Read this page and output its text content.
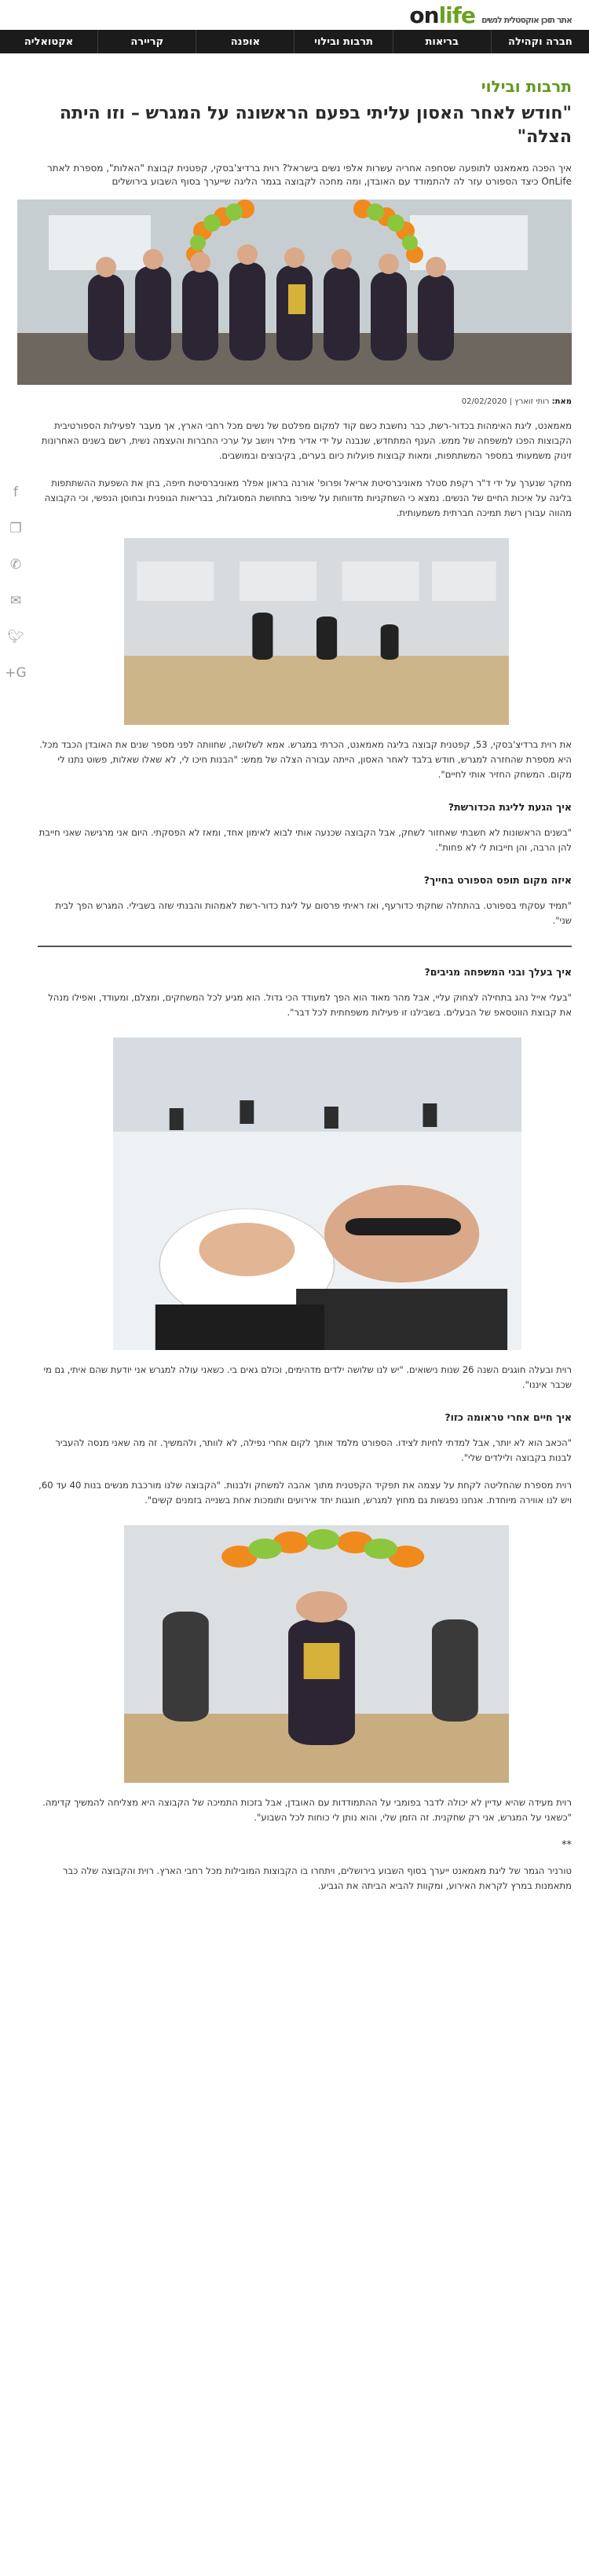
on life אתר תוכן אוקסטלית לנשים
חברה וקהילה
בריאות
תרבות ובילוי
אופנה
קריירה
אקטואליה
תרבות ובילוי
"חודש לאחר האסון עליתי בפעם הראשונה על המגרש – וזו היתה הצלה"

איך הפכה מאמאנט לתופעה שסחפה אחריה עשרות אלפי נשים בישראל? רוית ברדיצ'בסקי, קפטנית קבוצת "האלות", מספרת לאתר OnLife כיצד הספורט עזר לה להתמודד עם האובדן, ומה מחכה לקבוצה בגמר הליגה שייערך בסוף השבוע בירושלים

מאת: רותי זוארץ | 02/02/2020
f
❐
✆
✉
🐦︎
G+

מאמאנט, ליגת האימהות בכדור-רשת, כבר נחשבת כשם קוד למקום מפלטם של נשים מכל רחבי הארץ, אך מעבר לפעילות הספורטיבית הקבוצות הפכו למשפחה של ממש. הענף המתחדש, שנבנה על ידי אדיר מילר ויושב על ערכי החברות והעצמה נשית, רשם בשנים האחרונות זינוק משמעותי במספר המשתתפות, ומאות קבוצות פועלות כיום בערים, בקיבוצים ובמושבים.

מחקר שנערך על ידי ד"ר רקפת סטלר מאוניברסיטת אריאל ופרופ' אורנה בראון אפלר מאוניברסיטת חיפה, בחן את השפעת ההשתתפות בליגה על איכות החיים של הנשים. נמצא כי השחקניות מדווחות על שיפור בתחושת המסוגלות, בבריאות הגופנית ובחוסן הנפשי, וכי הקבוצה מהווה עבורן רשת תמיכה חברתית משמעותית.

את רוית ברדיצ'בסקי, 53, קפטנית קבוצה בליגה מאמאנט, הכרתי במגרש. אמא לשלושה, שחוותה לפני מספר שנים את האובדן הכבד מכל. היא מספרת שהחזרה למגרש, חודש בלבד לאחר האסון, הייתה עבורה הצלה של ממש: "הבנות חיכו לי, לא שאלו שאלות, פשוט נתנו לי מקום. המשחק החזיר אותי לחיים".

איך הגעת לליגת הכדורשת?

"בשנים הראשונות לא חשבתי שאחזור לשחק, אבל הקבוצה שכנעה אותי לבוא לאימון אחד, ומאז לא הפסקתי. היום אני מרגישה שאני חייבת להן הרבה, והן חייבות לי לא פחות".

איזה מקום תופס הספורט בחייך?

"תמיד עסקתי בספורט. בהתחלה שחקתי כדורעף, ואז ראיתי פרסום על ליגת כדור-רשת לאמהות והבנתי שזה בשבילי. המגרש הפך לבית שני".

איך בעלך ובני המשפחה מגיבים?

"בעלי אייל נהג בתחילה לצחוק עליי, אבל מהר מאוד הוא הפך למעודד הכי גדול. הוא מגיע לכל המשחקים, ומצלם, ומעודד, ואפילו מנהל את קבוצת הווטסאפ של הבעלים. בשבילנו זו פעילות משפחתית לכל דבר".

רוית ובעלה חוגגים השנה 26 שנות נישואים. "יש לנו שלושה ילדים מדהימים, וכולם גאים בי. כשאני עולה למגרש אני יודעת שהם איתי, גם מי שכבר איננו".

איך חיים אחרי טראומה כזו?

"הכאב הוא לא יותר, אבל למדתי לחיות לצידו. הספורט מלמד אותך לקום אחרי נפילה, לא לוותר, ולהמשיך. זה מה שאני מנסה להעביר לבנות בקבוצה ולילדים שלי".

רוית מספרת שהחליטה לקחת על עצמה את תפקיד הקפטנית מתוך אהבה למשחק ולבנות. "הקבוצה שלנו מורכבת מנשים בנות 40 עד 60, ויש לנו אווירה מיוחדת. אנחנו נפגשות גם מחוץ למגרש, חוגגות יחד אירועים ותומכות אחת בשנייה בזמנים קשים".

רוית מעידה שהיא עדיין לא יכולה לדבר בפומבי על ההתמודדות עם האובדן, אבל בזכות התמיכה של הקבוצה היא מצליחה להמשיך קדימה. "כשאני על המגרש, אני רק שחקנית. זה הזמן שלי, והוא נותן לי כוחות לכל השבוע".

**

טורניר הגמר של ליגת מאמאנט ייערך בסוף השבוע בירושלים, ויתחרו בו הקבוצות המובילות מכל רחבי הארץ. רוית והקבוצה שלה כבר מתאמנות במרץ לקראת האירוע, ומקוות להביא הביתה את הגביע.
